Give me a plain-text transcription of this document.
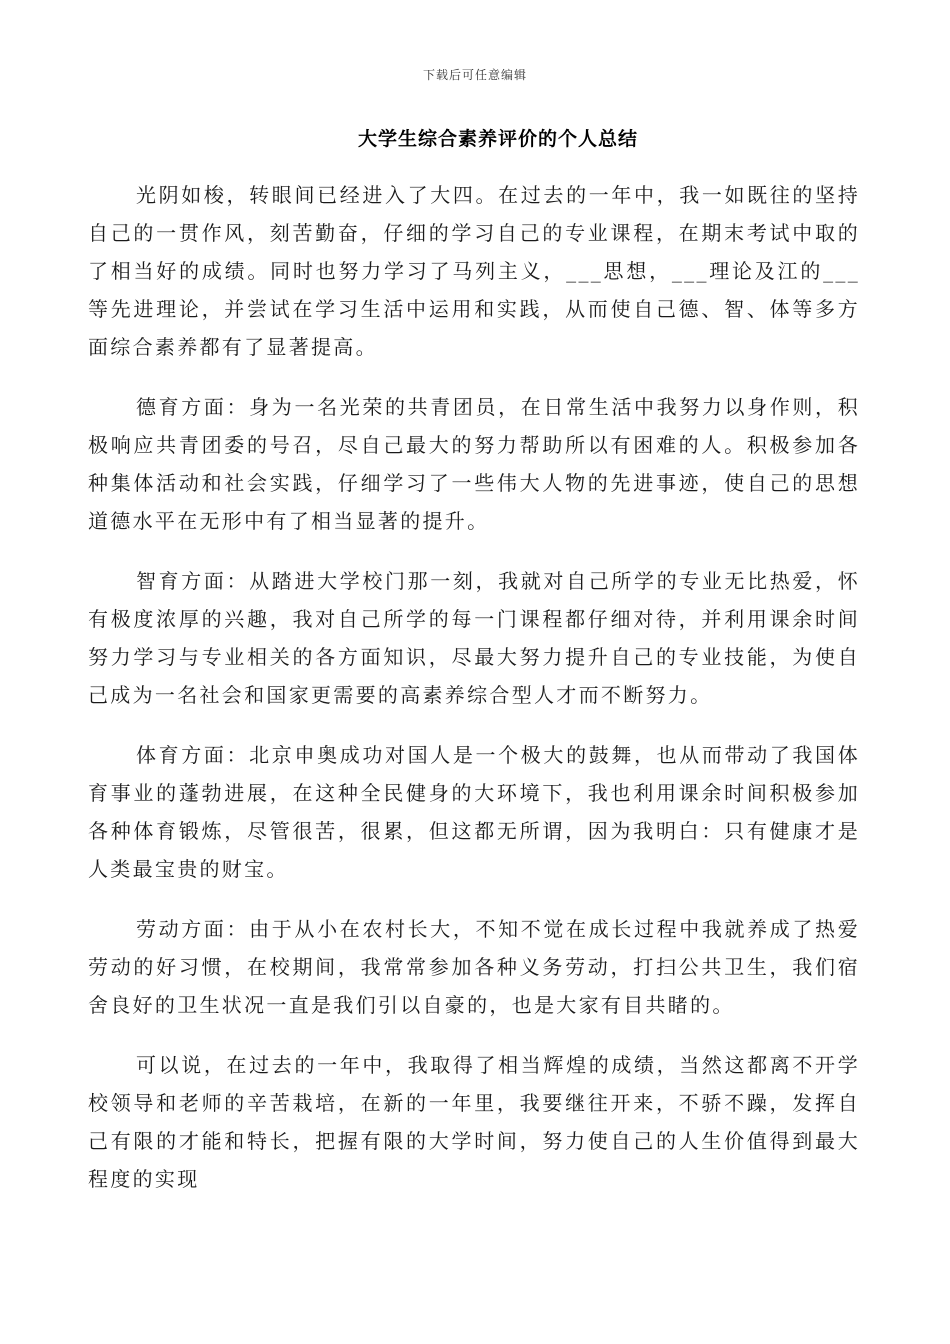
下载后可任意编辑
大学生综合素养评价的个人总结

光阴如梭，转眼间已经进入了大四。在过去的一年中，我一如既往的坚持自己的一贯作风，刻苦勤奋，仔细的学习自己的专业课程，在期末考试中取的了相当好的成绩。同时也努力学习了马列主义，___思想，___理论及江的___等先进理论，并尝试在学习生活中运用和实践，从而使自己德、智、体等多方面综合素养都有了显著提高。

德育方面：身为一名光荣的共青团员，在日常生活中我努力以身作则，积极响应共青团委的号召，尽自己最大的努力帮助所以有困难的人。积极参加各种集体活动和社会实践，仔细学习了一些伟大人物的先进事迹，使自己的思想道德水平在无形中有了相当显著的提升。

智育方面：从踏进大学校门那一刻，我就对自己所学的专业无比热爱，怀有极度浓厚的兴趣，我对自己所学的每一门课程都仔细对待，并利用课余时间努力学习与专业相关的各方面知识，尽最大努力提升自己的专业技能，为使自己成为一名社会和国家更需要的高素养综合型人才而不断努力。

体育方面：北京申奥成功对国人是一个极大的鼓舞，也从而带动了我国体育事业的蓬勃进展，在这种全民健身的大环境下，我也利用课余时间积极参加各种体育锻炼，尽管很苦，很累，但这都无所谓，因为我明白：只有健康才是人类最宝贵的财宝。

劳动方面：由于从小在农村长大，不知不觉在成长过程中我就养成了热爱劳动的好习惯，在校期间，我常常参加各种义务劳动，打扫公共卫生，我们宿舍良好的卫生状况一直是我们引以自豪的，也是大家有目共睹的。

可以说，在过去的一年中，我取得了相当辉煌的成绩，当然这都离不开学校领导和老师的辛苦栽培，在新的一年里，我要继往开来，不骄不躁，发挥自己有限的才能和特长，把握有限的大学时间，努力使自己的人生价值得到最大程度的实现
